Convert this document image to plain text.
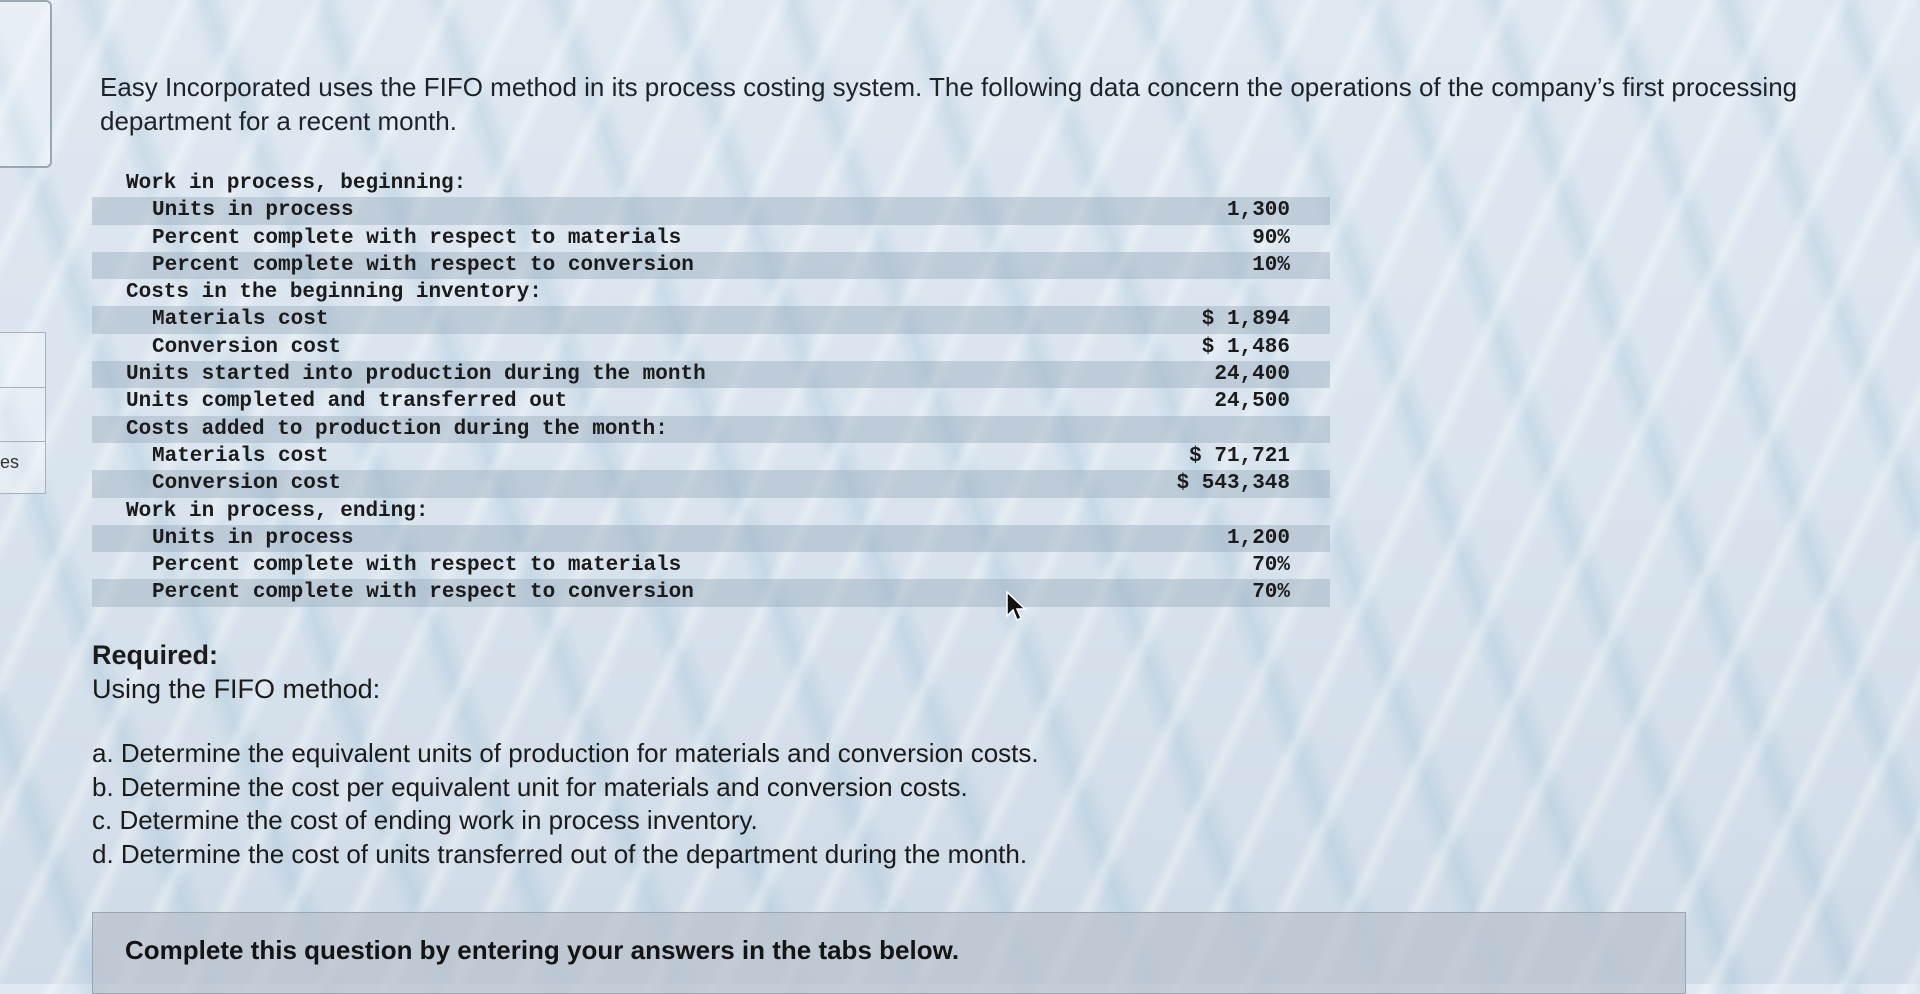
es
Easy Incorporated uses the FIFO method in its process costing system. The following data concern the operations of the company’s first processing department for a recent month.
Work in process, beginning:
Units in process	1,300
Percent complete with respect to materials	90%
Percent complete with respect to conversion	10%
Costs in the beginning inventory:
Materials cost	$ 1,894
Conversion cost	$ 1,486
Units started into production during the month	24,400
Units completed and transferred out	24,500
Costs added to production during the month:
Materials cost	$ 71,721
Conversion cost	$ 543,348
Work in process, ending:
Units in process	1,200
Percent complete with respect to materials	70%
Percent complete with respect to conversion	70%
Required:
Using the FIFO method:
a. Determine the equivalent units of production for materials and conversion costs.
b. Determine the cost per equivalent unit for materials and conversion costs.
c. Determine the cost of ending work in process inventory.
d. Determine the cost of units transferred out of the department during the month.
Complete this question by entering your answers in the tabs below.
